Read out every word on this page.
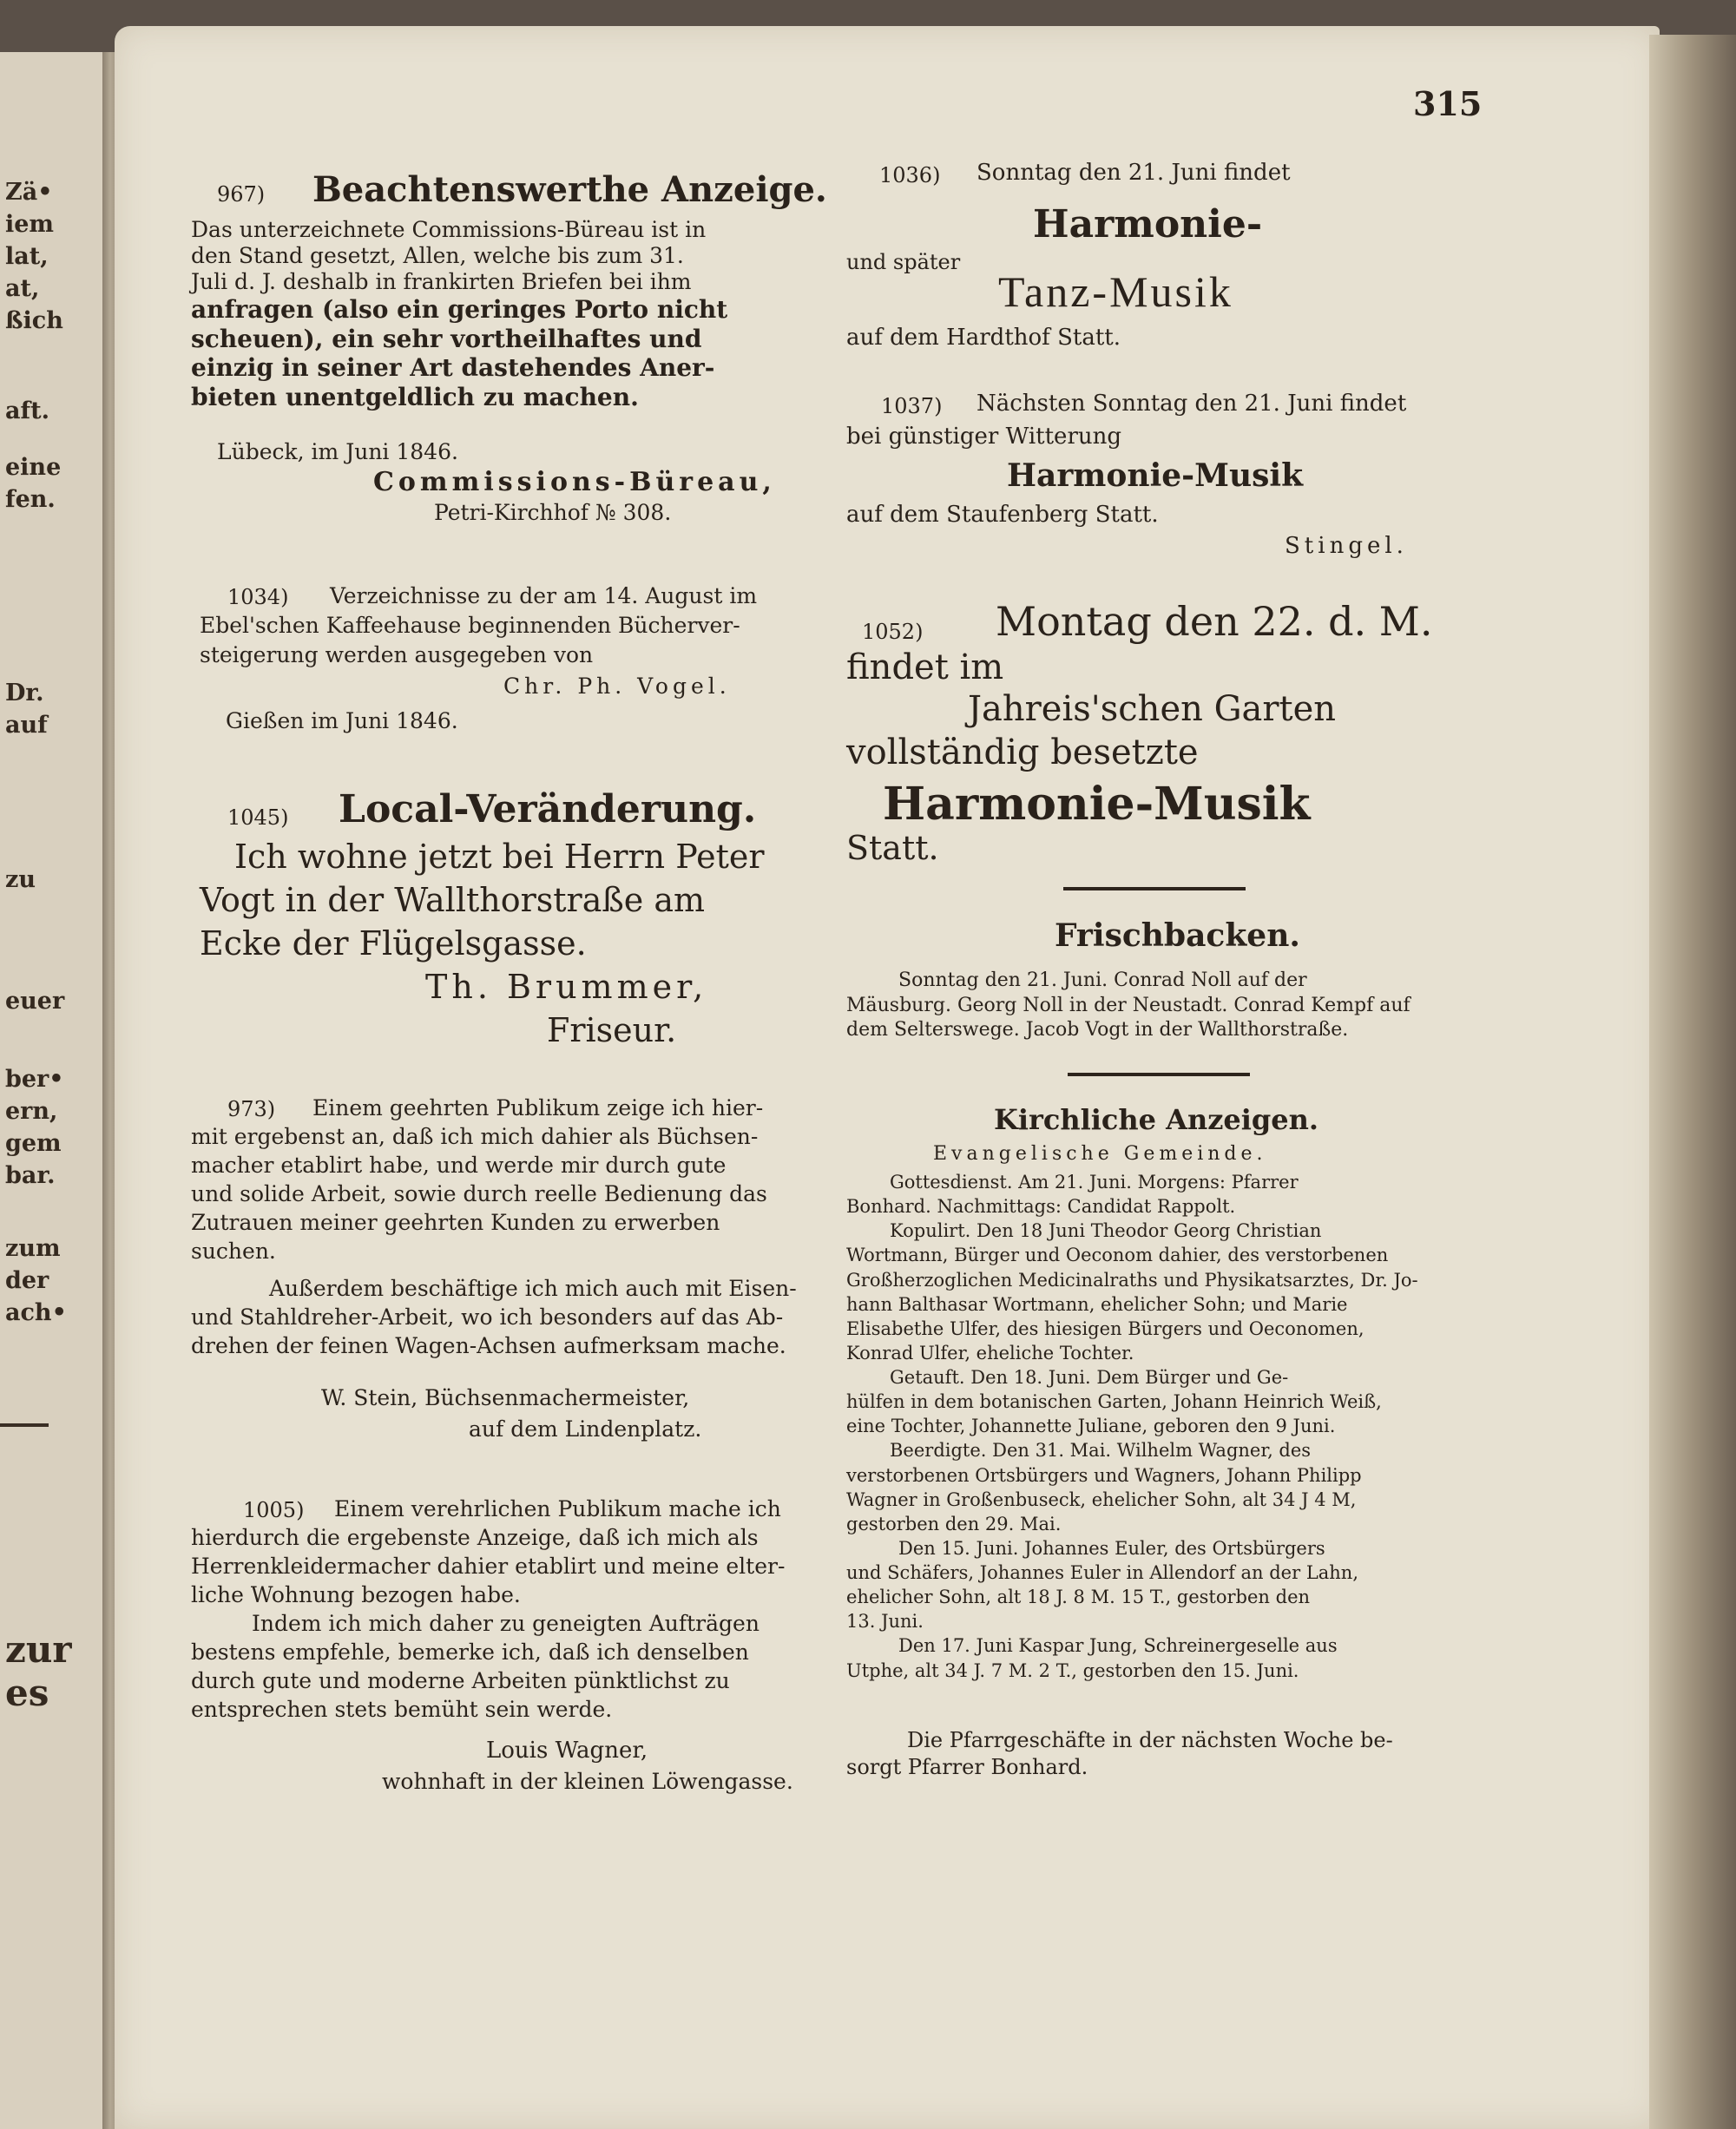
Zä•
iem
lat,
at,
ßich
aft.
eine
fen.
Dr.
auf
zu
euer
ber•
ern,
gem
bar.
zum
der
ach•
zur
es
315
967) Beachtenswerthe Anzeige.

Das unterzeichnete Commissions-Büreau ist in

den Stand gesetzt, Allen, welche bis zum 31.

Juli d. J. deshalb in frankirten Briefen bei ihm

anfragen (also ein geringes Porto nicht

scheuen), ein sehr vortheilhaftes und

einzig in seiner Art dastehendes Aner-

bieten unentgeldlich zu machen.

Lübeck, im Juni 1846.
Commissions-Büreau,
Petri-Kirchhof № 308.
1034) Verzeichnisse zu der am 14. August im
Ebel'schen Kaffeehause beginnenden Bücherver-
steigerung werden ausgegeben von
Chr. Ph. Vogel.
Gießen im Juni 1846.
1045) Local-Veränderung.
Ich wohne jetzt bei Herrn Peter
Vogt in der Wallthorstraße am
Ecke der Flügelsgasse.
Th. Brummer,
Friseur.
973)	Einem geehrten Publikum zeige ich hier-

mit ergebenst an, daß ich mich dahier als Büchsen-

macher etablirt habe, und werde mir durch gute

und solide Arbeit, sowie durch reelle Bedienung das

Zutrauen meiner geehrten Kunden zu erwerben

suchen.

Außerdem beschäftige ich mich auch mit Eisen-

und Stahldreher-Arbeit, wo ich besonders auf das Ab-

drehen der feinen Wagen-Achsen aufmerksam mache.

W. Stein, Büchsenmachermeister,
auf dem Lindenplatz.
1005)	Einem verehrlichen Publikum mache ich

hierdurch die ergebenste Anzeige, daß ich mich als

Herrenkleidermacher dahier etablirt und meine elter-

liche Wohnung bezogen habe.

Indem ich mich daher zu geneigten Aufträgen

bestens empfehle, bemerke ich, daß ich denselben

durch gute und moderne Arbeiten pünktlichst zu

entsprechen stets bemüht sein werde.

Louis Wagner,
wohnhaft in der kleinen Löwengasse.
1036) Sonntag den 21. Juni findet
Harmonie-
und später
Tanz-Musik
auf dem Hardthof Statt.
1037) Nächsten Sonntag den 21. Juni findet
bei günstiger Witterung
Harmonie-Musik
auf dem Staufenberg Statt.
Stingel.
1052) Montag den 22. d. M.
findet im
Jahreis'schen Garten
vollständig besetzte
Harmonie-Musik
Statt.
Frischbacken.

Sonntag den 21. Juni. Conrad Noll auf der

Mäusburg. Georg Noll in der Neustadt. Conrad Kempf auf

dem Selterswege. Jacob Vogt in der Wallthorstraße.

Kirchliche Anzeigen.
Evangelische Gemeinde.

Gottesdienst. Am 21. Juni. Morgens: Pfarrer

Bonhard. Nachmittags: Candidat Rappolt.

Kopulirt. Den 18 Juni Theodor Georg Christian

Wortmann, Bürger und Oeconom dahier, des verstorbenen

Großherzoglichen Medicinalraths und Physikatsarztes, Dr. Jo-

hann Balthasar Wortmann, ehelicher Sohn; und Marie

Elisabethe Ulfer, des hiesigen Bürgers und Oeconomen,

Konrad Ulfer, eheliche Tochter.

Getauft. Den 18. Juni. Dem Bürger und Ge-

hülfen in dem botanischen Garten, Johann Heinrich Weiß,

eine Tochter, Johannette Juliane, geboren den 9 Juni.

Beerdigte. Den 31. Mai. Wilhelm Wagner, des

verstorbenen Ortsbürgers und Wagners, Johann Philipp

Wagner in Großenbuseck, ehelicher Sohn, alt 34 J 4 M,

gestorben den 29. Mai.

Den 15. Juni. Johannes Euler, des Ortsbürgers

und Schäfers, Johannes Euler in Allendorf an der Lahn,

ehelicher Sohn, alt 18 J. 8 M. 15 T., gestorben den

13. Juni.

Den 17. Juni Kaspar Jung, Schreinergeselle aus

Utphe, alt 34 J. 7 M. 2 T., gestorben den 15. Juni.

Die Pfarrgeschäfte in der nächsten Woche be-

sorgt Pfarrer Bonhard.
